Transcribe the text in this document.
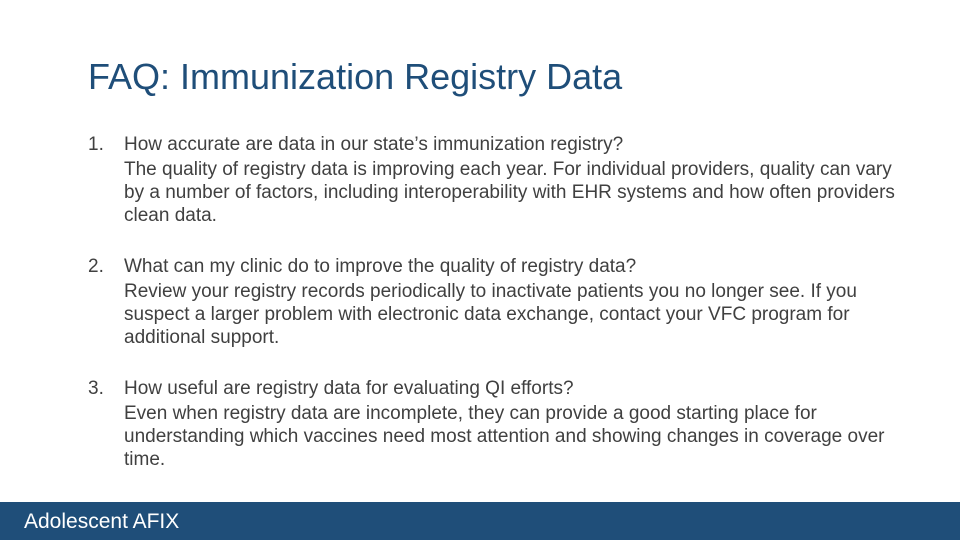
FAQ: Immunization Registry Data
1. How accurate are data in our state’s immunization registry?
The quality of registry data is improving each year. For individual providers, quality can vary by a number of factors, including interoperability with EHR systems and how often providers clean data.
2. What can my clinic do to improve the quality of registry data?
Review your registry records periodically to inactivate patients you no longer see. If you suspect a larger problem with electronic data exchange, contact your VFC program for additional support.
3. How useful are registry data for evaluating QI efforts?
Even when registry data are incomplete, they can provide a good starting place for understanding which vaccines need most attention and showing changes in coverage over time.
Adolescent AFIX
